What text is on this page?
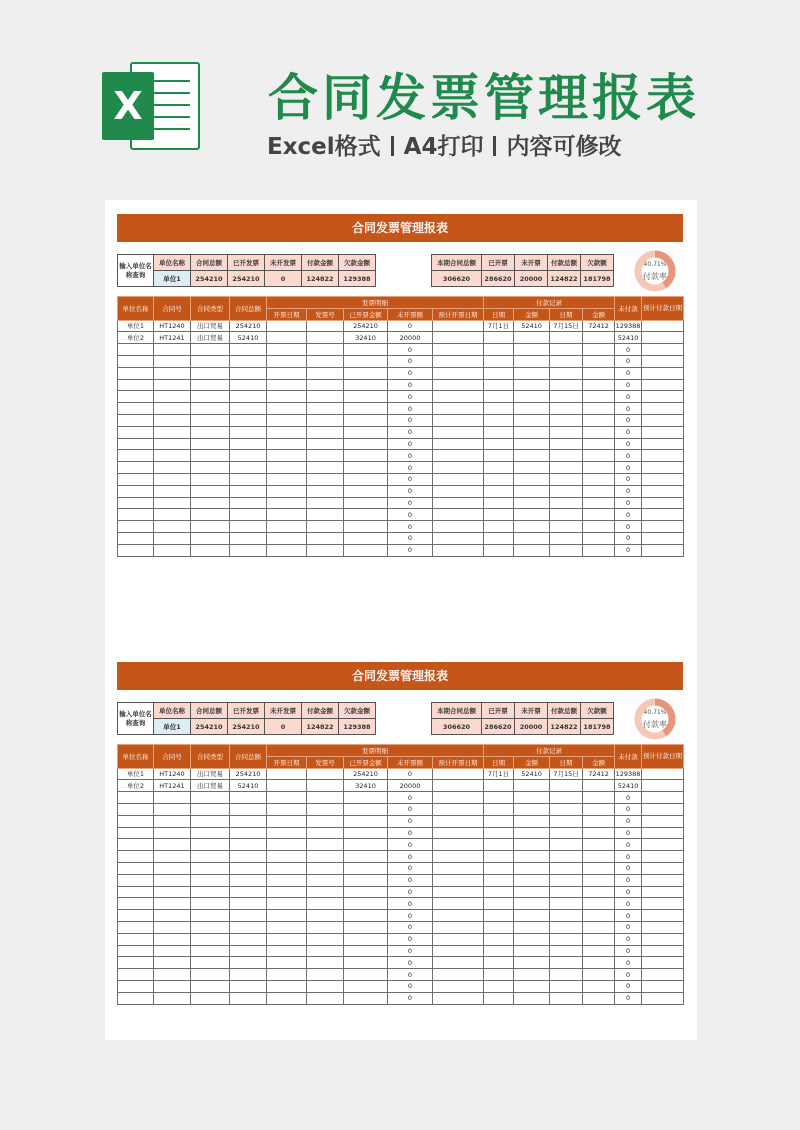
X	合同发票管理报表
Excel格式 A4打印 内容可修改
合同发票管理报表
输入单位名称查询	单位名称	合同总额	已开发票	未开发票	付款金额	欠款金额
	单位1	254210	254210	0	124822	129388
本期合同总额	已开票	未开票	付款总额	欠款额
306620	286620	20000	124822	181798
40.71%
付款率
单位名称	合同号	合同类型	合同总额	发票明细					付款记录				未付款	预计付款日期
				开票日期	发票号	已开票金额	未开票额	预计开票日期	日期	金额	日期	金额		
单位1	HT1240	出口贸易	254210			254210	0		7月1日	52410	7月15日	72412	129388	
单位2	HT1241	出口贸易	52410			32410	20000						52410	
							0						0	
							0						0	
							0						0	
							0						0	
							0						0	
							0						0	
							0						0	
							0						0	
							0						0	
							0						0	
							0						0	
							0						0	
							0						0	
							0						0	
							0						0	
							0						0	
							0						0	
							0						0	
合同发票管理报表
输入单位名称查询	单位名称	合同总额	已开发票	未开发票	付款金额	欠款金额
	单位1	254210	254210	0	124822	129388
本期合同总额	已开票	未开票	付款总额	欠款额
306620	286620	20000	124822	181798
40.71%
付款率
单位名称	合同号	合同类型	合同总额	发票明细					付款记录				未付款	预计付款日期
				开票日期	发票号	已开票金额	未开票额	预计开票日期	日期	金额	日期	金额		
单位1	HT1240	出口贸易	254210			254210	0		7月1日	52410	7月15日	72412	129388	
单位2	HT1241	出口贸易	52410			32410	20000						52410	
							0						0	
							0						0	
							0						0	
							0						0	
							0						0	
							0						0	
							0						0	
							0						0	
							0						0	
							0						0	
							0						0	
							0						0	
							0						0	
							0						0	
							0						0	
							0						0	
							0						0	
							0						0	
